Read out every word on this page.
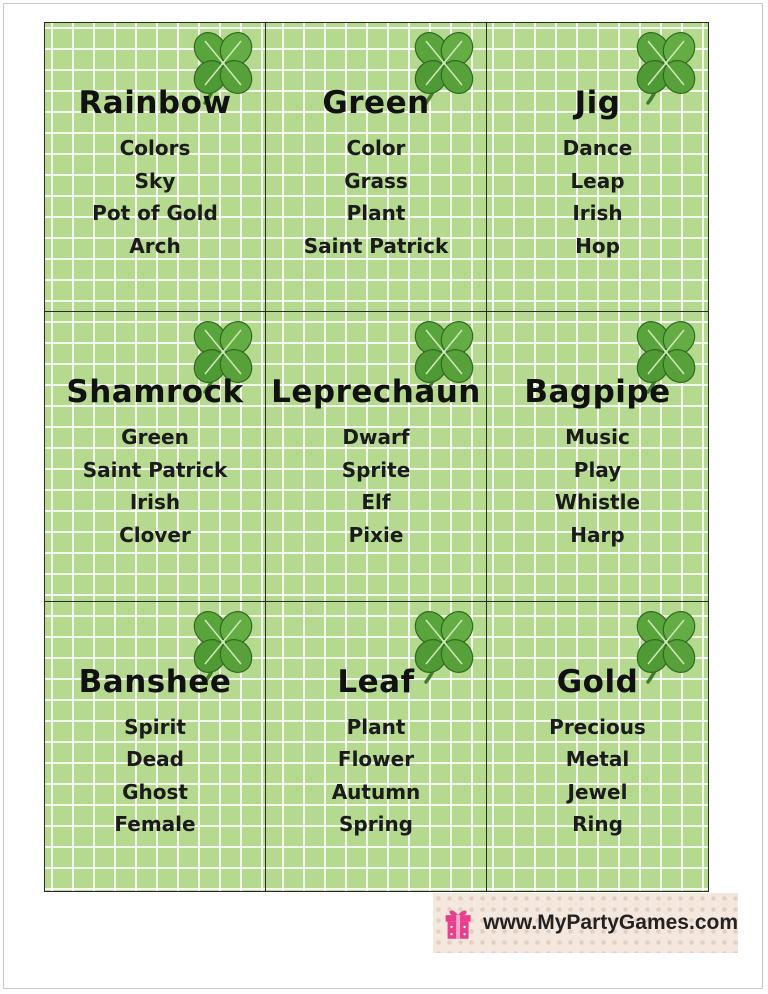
Rainbow
Colors
Sky
Pot of Gold
Arch
Green
Color
Grass
Plant
Saint Patrick
Jig
Dance
Leap
Irish
Hop
Shamrock
Green
Saint Patrick
Irish
Clover
Leprechaun
Dwarf
Sprite
Elf
Pixie
Bagpipe
Music
Play
Whistle
Harp
Banshee
Spirit
Dead
Ghost
Female
Leaf
Plant
Flower
Autumn
Spring
Gold
Precious
Metal
Jewel
Ring
www.MyPartyGames.com
